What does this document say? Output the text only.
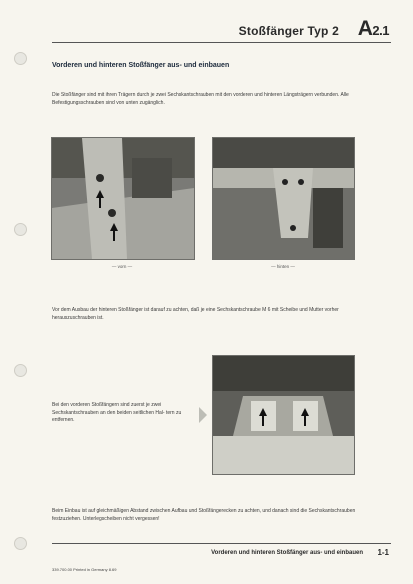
Stoßfänger Typ 2 A2.1
Vorderen und hinteren Stoßfänger aus- und einbauen
Die Stoßfänger sind mit ihren Trägern durch je zwei Sechskantschrauben mit den vorderen und hinteren Längsträgern verbunden. Alle Befestigungsschrauben sind von unten zugänglich.
— vorn —	— hinten —
Vor dem Ausbau der hinteren Stoßfänger ist darauf zu achten, daß je eine Sechskantschraube M 6 mit Scheibe und Mutter vorher herauszuschrauben ist.
Bei den vorderen Stoßfängern sind zuerst je zwei Sechskantschrauben an den beiden seitlichen Hal- tern zu entfernen.
Beim Einbau ist auf gleichmäßigen Abstand zwischen Aufbau und Stoßfängerecken zu achten, und danach sind die Sechskantschrauben festzuziehen. Unterlegscheiben nicht vergessen!
Vorderen und hinteren Stoßfänger aus- und einbauen 1-1
339.700.00 Printed in Germany 8.69
